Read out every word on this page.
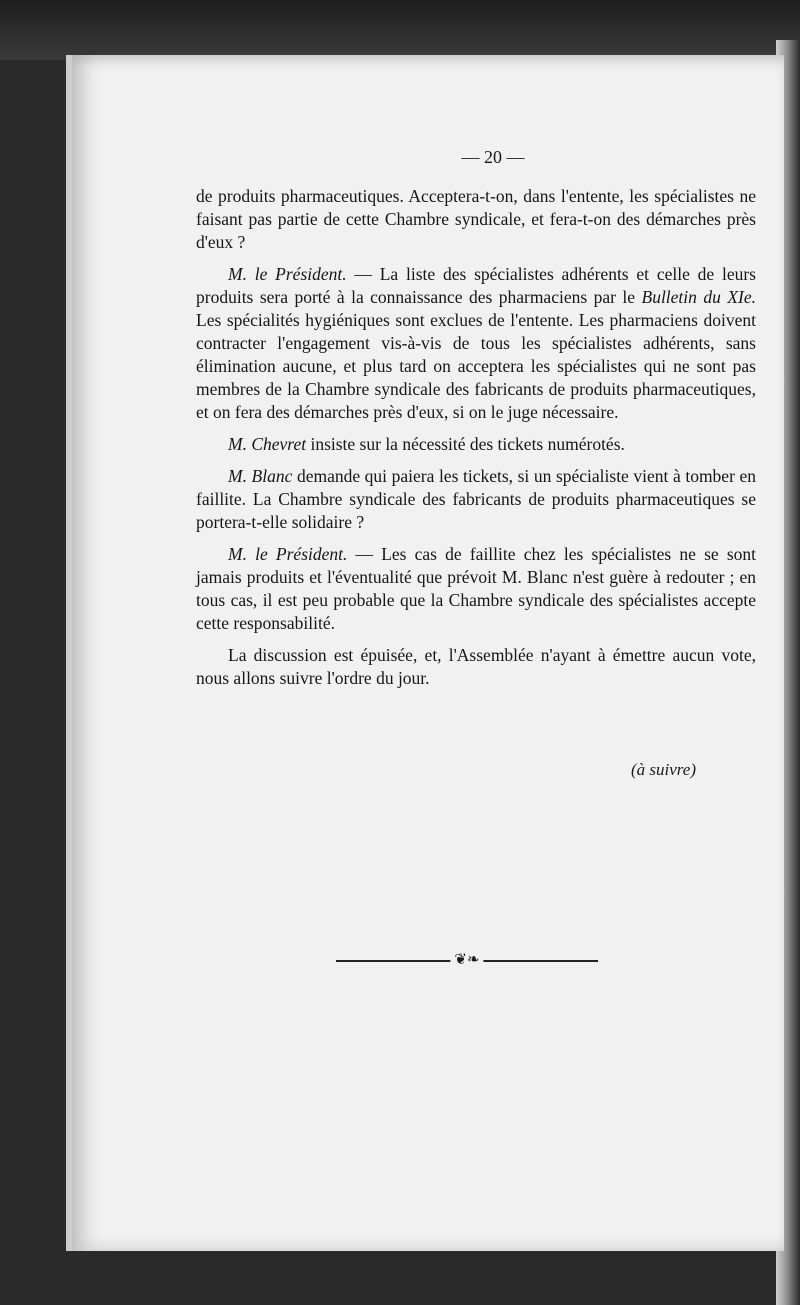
— 20 —

de produits pharmaceutiques. Acceptera-t-on, dans l'entente, les spécialistes ne faisant pas partie de cette Chambre syndicale, et fera-t-on des démarches près d'eux ?

M. le Président. — La liste des spécialistes adhérents et celle de leurs produits sera porté à la connaissance des pharmaciens par le Bulletin du XIe. Les spécialités hygiéniques sont exclues de l'entente. Les pharmaciens doivent contracter l'engagement vis-à-vis de tous les spécialistes adhérents, sans élimination aucune, et plus tard on acceptera les spécialistes qui ne sont pas membres de la Chambre syndicale des fabricants de produits pharmaceutiques, et on fera des démarches près d'eux, si on le juge nécessaire.

M. Chevret insiste sur la nécessité des tickets numérotés.

M. Blanc demande qui paiera les tickets, si un spécialiste vient à tomber en faillite. La Chambre syndicale des fabricants de produits pharmaceutiques se portera-t-elle solidaire ?

M. le Président. — Les cas de faillite chez les spécialistes ne se sont jamais produits et l'éventualité que prévoit M. Blanc n'est guère à redouter ; en tous cas, il est peu probable que la Chambre syndicale des spécialistes accepte cette responsabilité.

La discussion est épuisée, et, l'Assemblée n'ayant à émettre aucun vote, nous allons suivre l'ordre du jour.

(à suivre)
❦❧
